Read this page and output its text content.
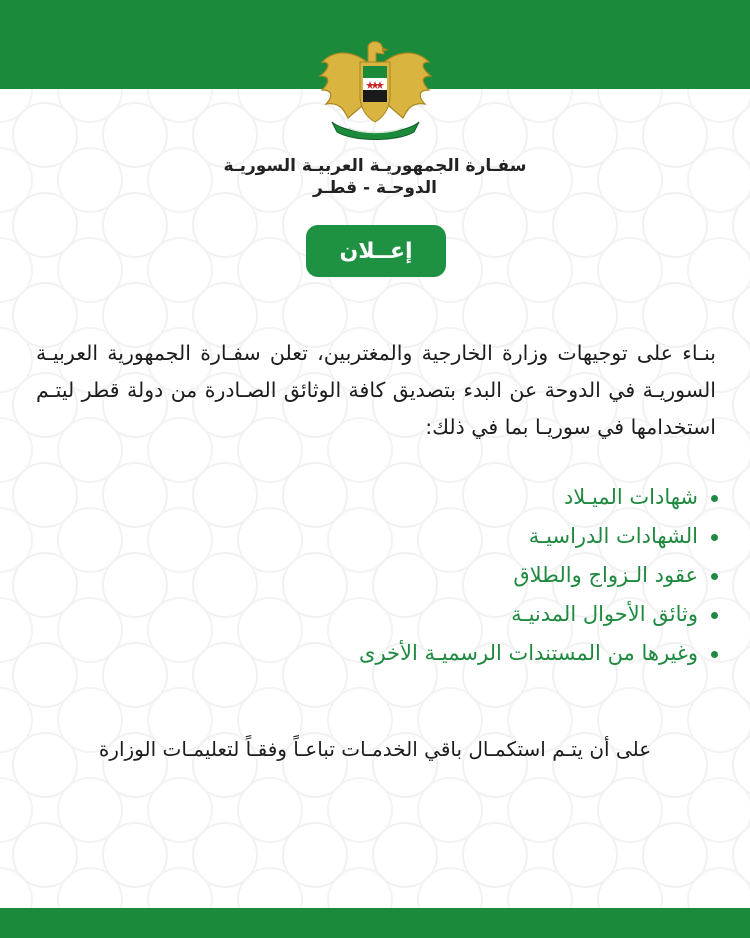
سفـارة الجمهوريـة العربيـة السوريـة
الدوحـة - قطـر
إعــلان
بنـاء على توجيهات وزارة الخارجية والمغتربين، تعلن سفـارة الجمهورية العربيـة السوريـة في الدوحة عن البدء بتصديق كافة الوثائق الصـادرة من دولة قطر ليتـم استخدامها في سوريـا بما في ذلك:
شهادات الميـلاد
الشهادات الدراسيـة
عقود الـزواج والطلاق
وثائق الأحوال المدنيـة
وغيرها من المستندات الرسميـة الأخرى
على أن يتـم استكمـال باقي الخدمـات تباعـاً وفقـاً لتعليمـات الوزارة
